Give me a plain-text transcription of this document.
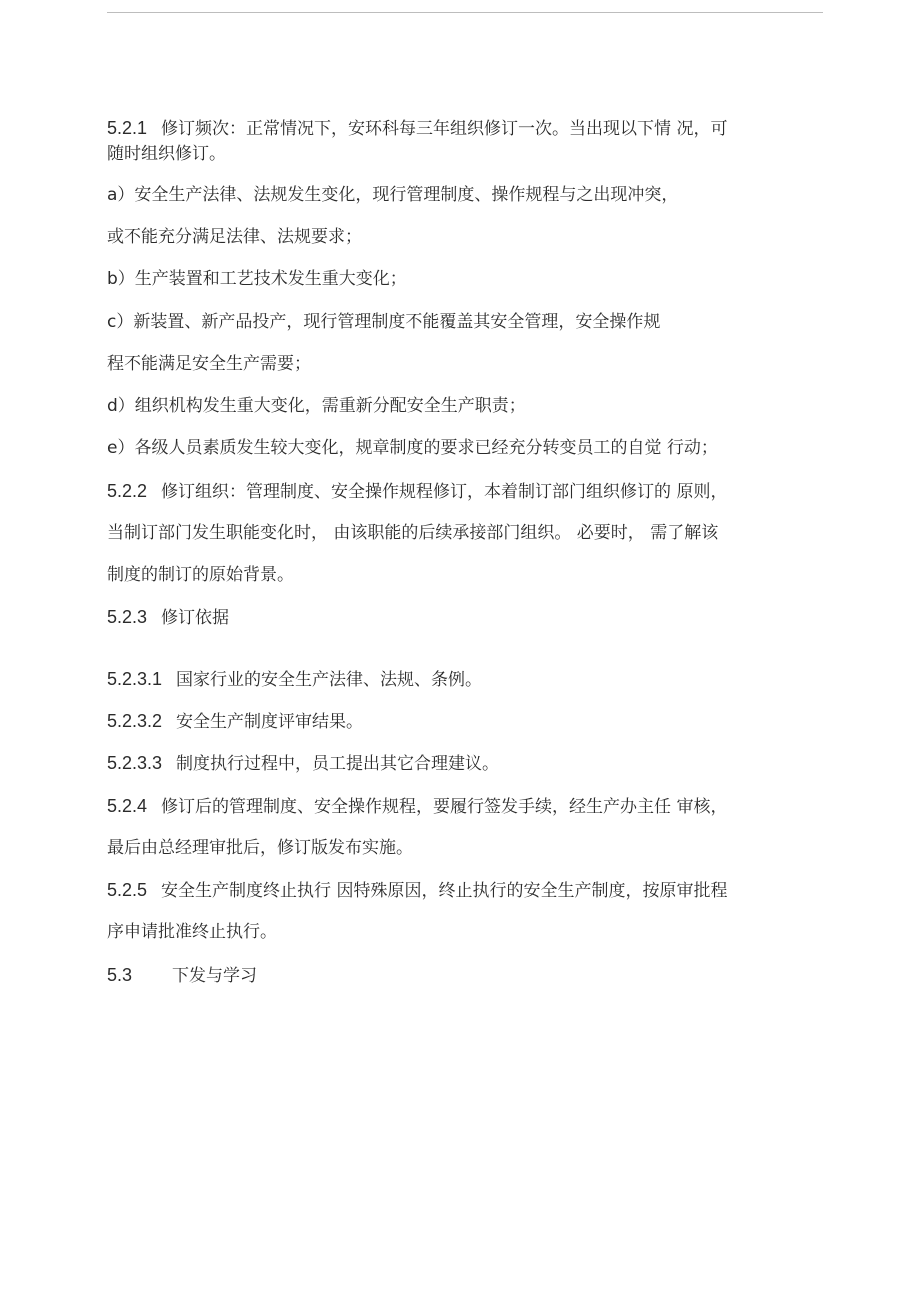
5.2.1 修订频次：正常情况下，安环科每三年组织修订一次。当出现以下情 况，可
随时组织修订。
a）安全生产法律、法规发生变化，现行管理制度、操作规程与之出现冲突，
或不能充分满足法律、法规要求；
b）生产装置和工艺技术发生重大变化；
c）新装置、新产品投产，现行管理制度不能覆盖其安全管理，安全操作规
程不能满足安全生产需要；
d）组织机构发生重大变化，需重新分配安全生产职责；
e）各级人员素质发生较大变化，规章制度的要求已经充分转变员工的自觉 行动；
5.2.2 修订组织：管理制度、安全操作规程修订，本着制订部门组织修订的 原则，
当制订部门发生职能变化时， 由该职能的后续承接部门组织。 必要时， 需了解该
制度的制订的原始背景。
5.2.3 修订依据
5.2.3.1 国家行业的安全生产法律、法规、条例。
5.2.3.2 安全生产制度评审结果。
5.2.3.3 制度执行过程中，员工提出其它合理建议。
5.2.4 修订后的管理制度、安全操作规程，要履行签发手续，经生产办主任 审核，
最后由总经理审批后，修订版发布实施。
5.2.5 安全生产制度终止执行 因特殊原因，终止执行的安全生产制度，按原审批程
序申请批准终止执行。
5.3 下发与学习
